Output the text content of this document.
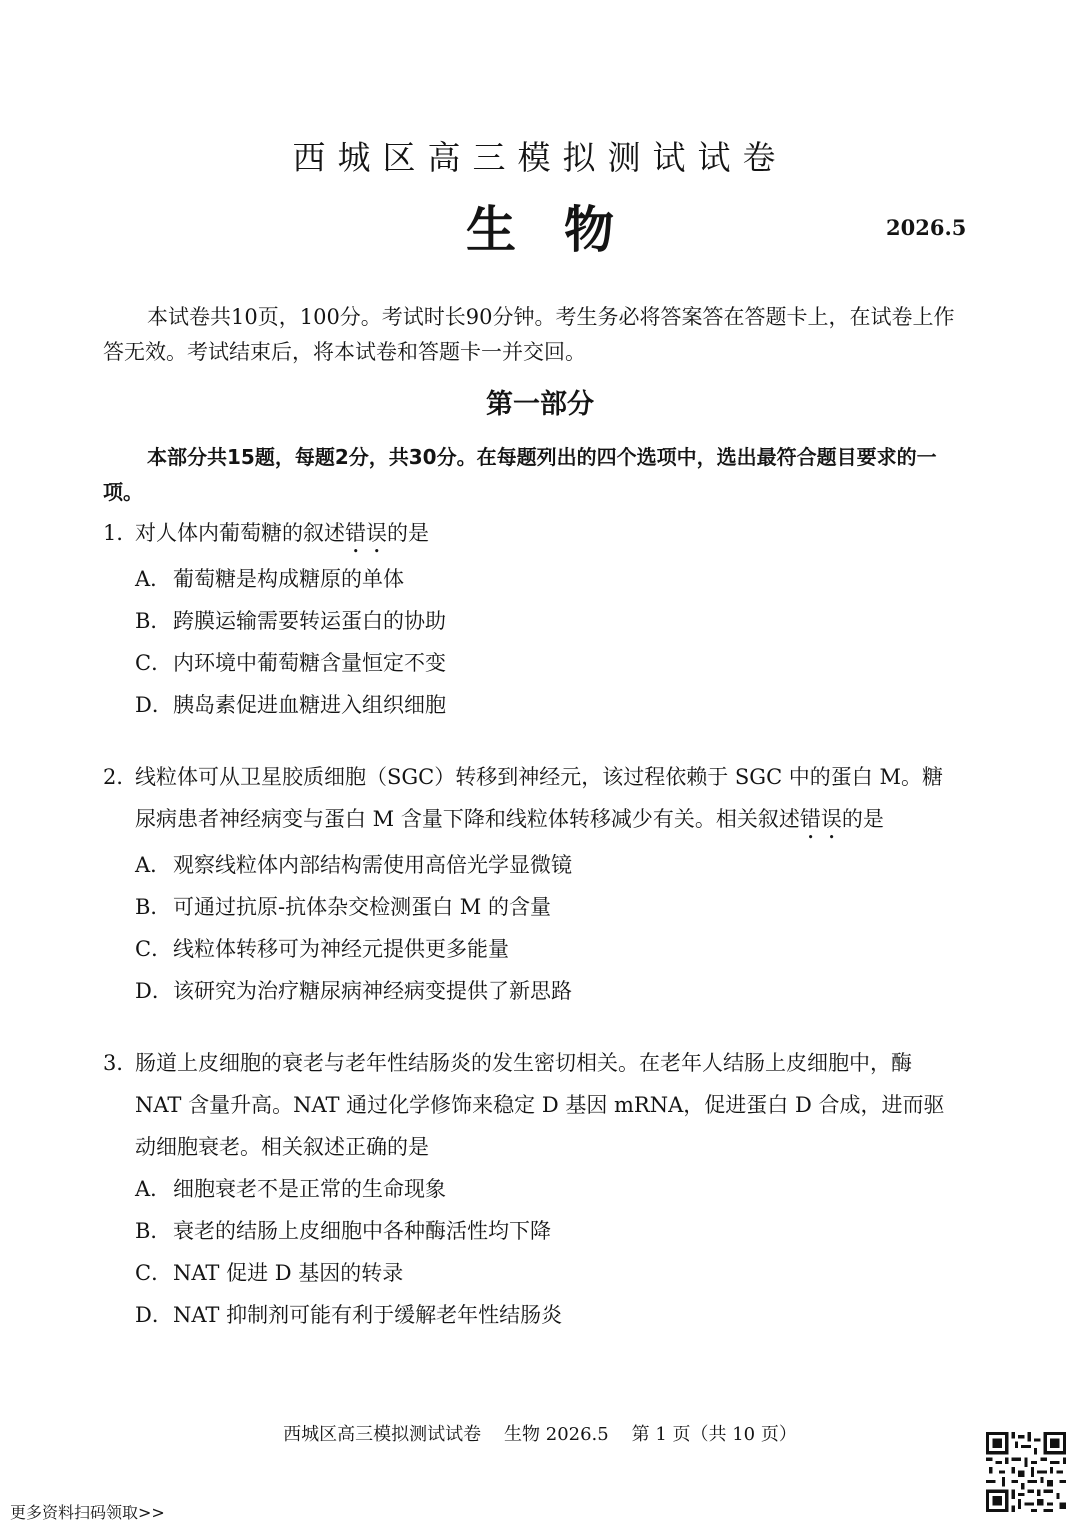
西城区高三模拟测试试卷
生物	2026.5

本试卷共10页，100分。考试时长90分钟。考生务必将答案答在答题卡上，在试卷上作答无效。考试结束后，将本试卷和答题卡一并交回。

第一部分

本部分共15题，每题2分，共30分。在每题列出的四个选项中，选出最符合题目要求的一项。

1．
对人体内葡萄糖的叙述错误的是
A． 葡萄糖是构成糖原的单体
B． 跨膜运输需要转运蛋白的协助
C． 内环境中葡萄糖含量恒定不变
D． 胰岛素促进血糖进入组织细胞
2．
线粒体可从卫星胶质细胞（SGC）转移到神经元，该过程依赖于 SGC 中的蛋白 M。糖尿病患者神经病变与蛋白 M 含量下降和线粒体转移减少有关。相关叙述错误的是
A． 观察线粒体内部结构需使用高倍光学显微镜
B． 可通过抗原-抗体杂交检测蛋白 M 的含量
C． 线粒体转移可为神经元提供更多能量
D． 该研究为治疗糖尿病神经病变提供了新思路
3．
肠道上皮细胞的衰老与老年性结肠炎的发生密切相关。在老年人结肠上皮细胞中，酶 NAT 含量升高。NAT 通过化学修饰来稳定 D 基因 mRNA，促进蛋白 D 合成，进而驱动细胞衰老。相关叙述正确的是
A． 细胞衰老不是正常的生命现象
B． 衰老的结肠上皮细胞中各种酶活性均下降
C． NAT 促进 D 基因的转录
D． NAT 抑制剂可能有利于缓解老年性结肠炎
西城区高三模拟测试试卷    生物 2026.5    第 1 页（共 10 页）
更多资料扫码领取>>
